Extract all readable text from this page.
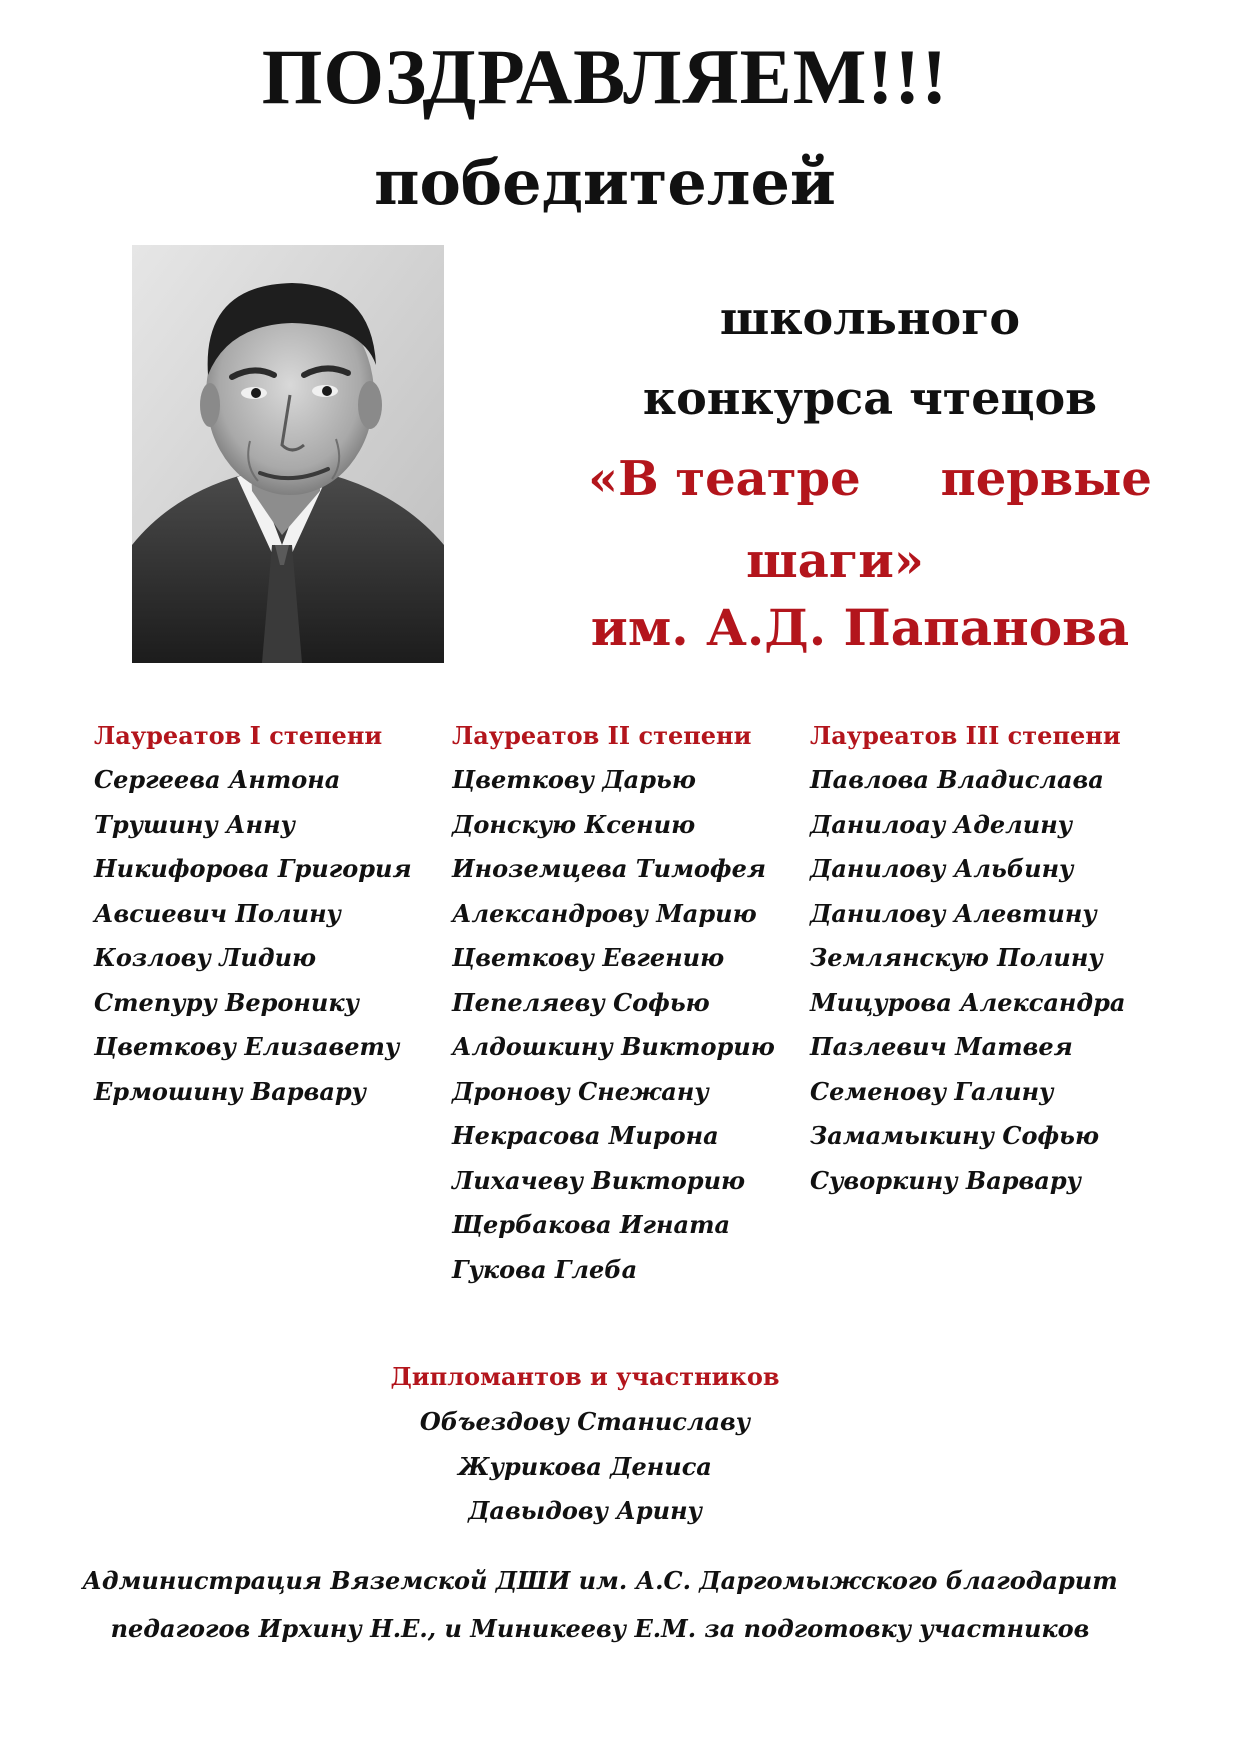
ПОЗДРАВЛЯЕМ!!!
победителей
школьного
конкурса чтецов
«В театре первые
шаги»
им. А.Д. Папанова
Лауреатов I степени
Сергеева Антона
Трушину Анну
Никифорова Григория
Авсиевич Полину
Козлову Лидию
Степуру Веронику
Цветкову Елизавету
Ермошину Варвару
Лауреатов II степени
Цветкову Дарью
Донскую Ксению
Иноземцева Тимофея
Александрову Марию
Цветкову Евгению
Пепеляеву Софью
Алдошкину Викторию
Дронову Снежану
Некрасова Мирона
Лихачеву Викторию
Щербакова Игната
Гукова Глеба
Лауреатов III степени
Павлова Владислава
Данилоау Аделину
Данилову Альбину
Данилову Алевтину
Землянскую Полину
Мицурова Александра
Пазлевич Матвея
Семенову Галину
Замамыкину Софью
Суворкину Варвару
Дипломантов и участников
Объездову Станиславу
Журикова Дениса
Давыдову Арину
Администрация Вяземской ДШИ им. А.С. Даргомыжского благодарит
педагогов Ирхину Н.Е., и Миникееву Е.М. за подготовку участников
